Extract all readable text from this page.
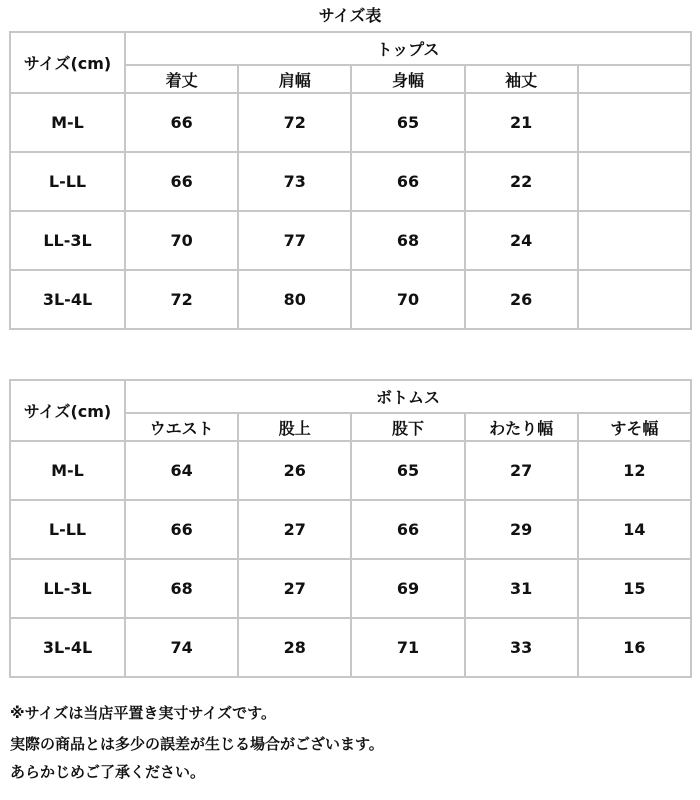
サイズ表
サイズ(cm)	トップス				
	着丈	肩幅	身幅	袖丈	
M-L	66	72	65	21	
L-LL	66	73	66	22	
LL-3L	70	77	68	24	
3L-4L	72	80	70	26	
サイズ(cm)	ボトムス				
	ウエスト	股上	股下	わたり幅	すそ幅
M-L	64	26	65	27	12
L-LL	66	27	66	29	14
LL-3L	68	27	69	31	15
3L-4L	74	28	71	33	16
※サイズは当店平置き実寸サイズです。
実際の商品とは多少の誤差が生じる場合がございます。
あらかじめご了承ください。
